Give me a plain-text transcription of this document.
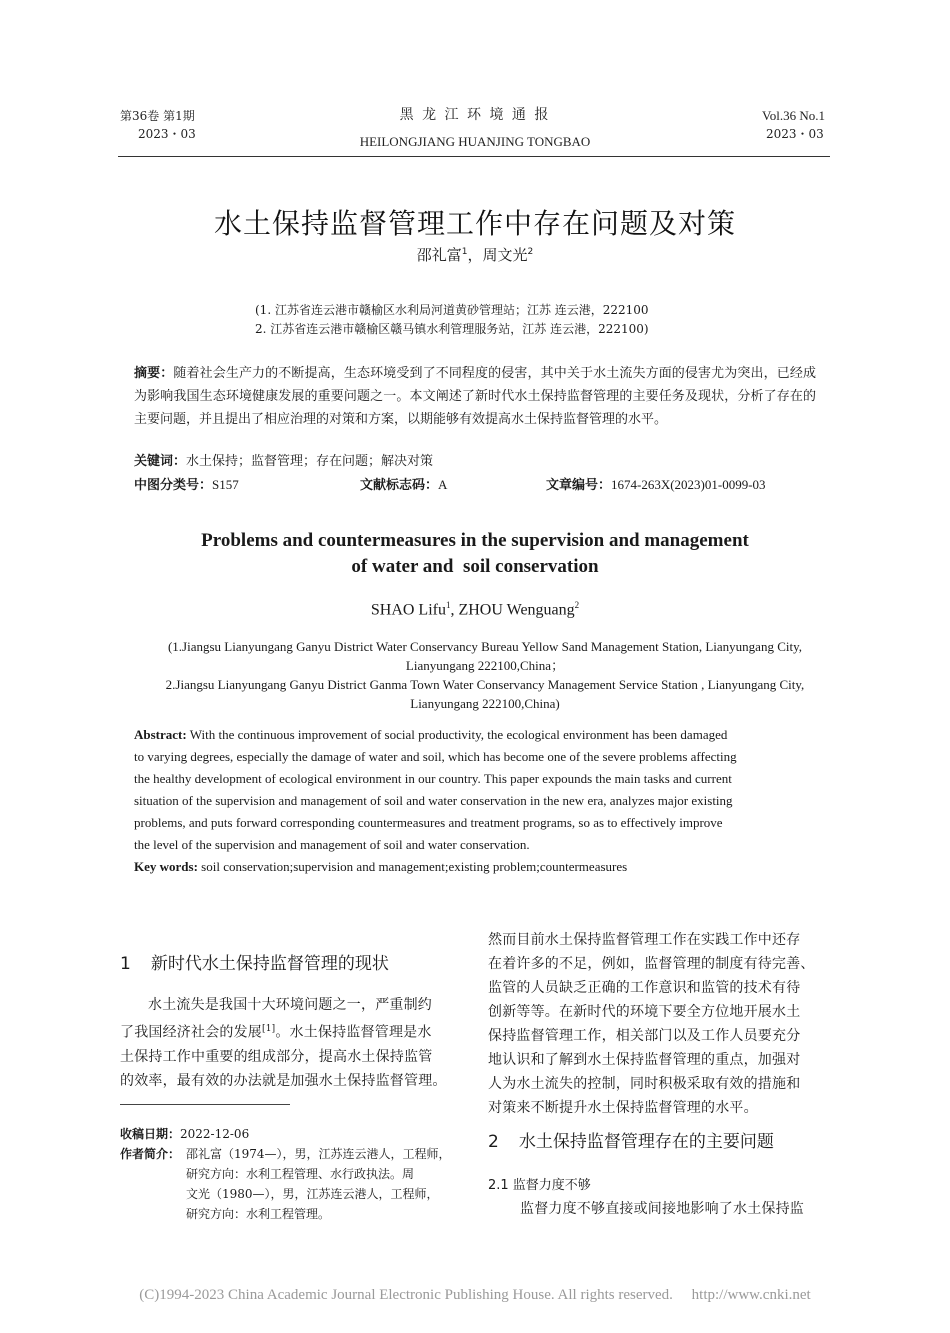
第36卷 第1期
2023・03
黑 龙 江 环 境 通 报
HEILONGJIANG HUANJING TONGBAO
Vol.36 No.1
2023・03
水土保持监督管理工作中存在问题及对策
邵礼富$^1$，周文光$^2$
(1. 江苏省连云港市赣榆区水利局河道黄砂管理站；江苏 连云港，222100
2. 江苏省连云港市赣榆区赣马镇水利管理服务站，江苏 连云港，222100)
摘要：随着社会生产力的不断提高，生态环境受到了不同程度的侵害，其中关于水土流失方面的侵害尤为突出，已经成为影响我国生态环境健康发展的重要问题之一。本文阐述了新时代水土保持监督管理的主要任务及现状，分析了存在的主要问题，并且提出了相应治理的对策和方案，以期能够有效提高水土保持监督管理的水平。
关键词：水土保持；监督管理；存在问题；解决对策
中图分类号：S157	文献标志码：A	文章编号：1674-263X(2023)01-0099-03
Problems and countermeasures in the supervision and management
of water and  soil conservation
SHAO Lifu$^1$, ZHOU Wenguang$^2$
(1.Jiangsu Lianyungang Ganyu District Water Conservancy Bureau Yellow Sand Management Station, Lianyungang City,
Lianyungang 222100,China；
2.Jiangsu Lianyungang Ganyu District Ganma Town Water Conservancy Management Service Station , Lianyungang City,
Lianyungang 222100,China)
Abstract: With the continuous improvement of social productivity, the ecological environment has been damaged
to varying degrees, especially the damage of water and soil, which has become one of the severe problems affecting
the healthy development of ecological environment in our country. This paper expounds the main tasks and current
situation of the supervision and management of soil and water conservation in the new era, analyzes major existing
problems, and puts forward corresponding countermeasures and treatment programs, so as to effectively improve
the level of the supervision and management of soil and water conservation.
Key words: soil conservation;supervision and management;existing problem;countermeasures
1 新时代水土保持监督管理的现状
水土流失是我国十大环境问题之一，严重制约
了我国经济社会的发展[1]。水土保持监督管理是水
土保持工作中重要的组成部分，提高水土保持监管
的效率，最有效的办法就是加强水土保持监督管理。
收稿日期：2022-12-06
作者简介： 邵礼富（1974—），男，江苏连云港人，工程师，
研究方向：水利工程管理、水行政执法。周
文光（1980—），男，江苏连云港人，工程师，
研究方向：水利工程管理。
然而目前水土保持监督管理工作在实践工作中还存
在着许多的不足，例如，监督管理的制度有待完善、
监管的人员缺乏正确的工作意识和监管的技术有待
创新等等。在新时代的环境下要全方位地开展水土
保持监督管理工作，相关部门以及工作人员要充分
地认识和了解到水土保持监督管理的重点，加强对
人为水土流失的控制，同时积极采取有效的措施和
对策来不断提升水土保持监督管理的水平。
2 水土保持监督管理存在的主要问题
2.1 监督力度不够
监督力度不够直接或间接地影响了水土保持监
(C)1994-2023 China Academic Journal Electronic Publishing House. All rights reserved.     http://www.cnki.net
